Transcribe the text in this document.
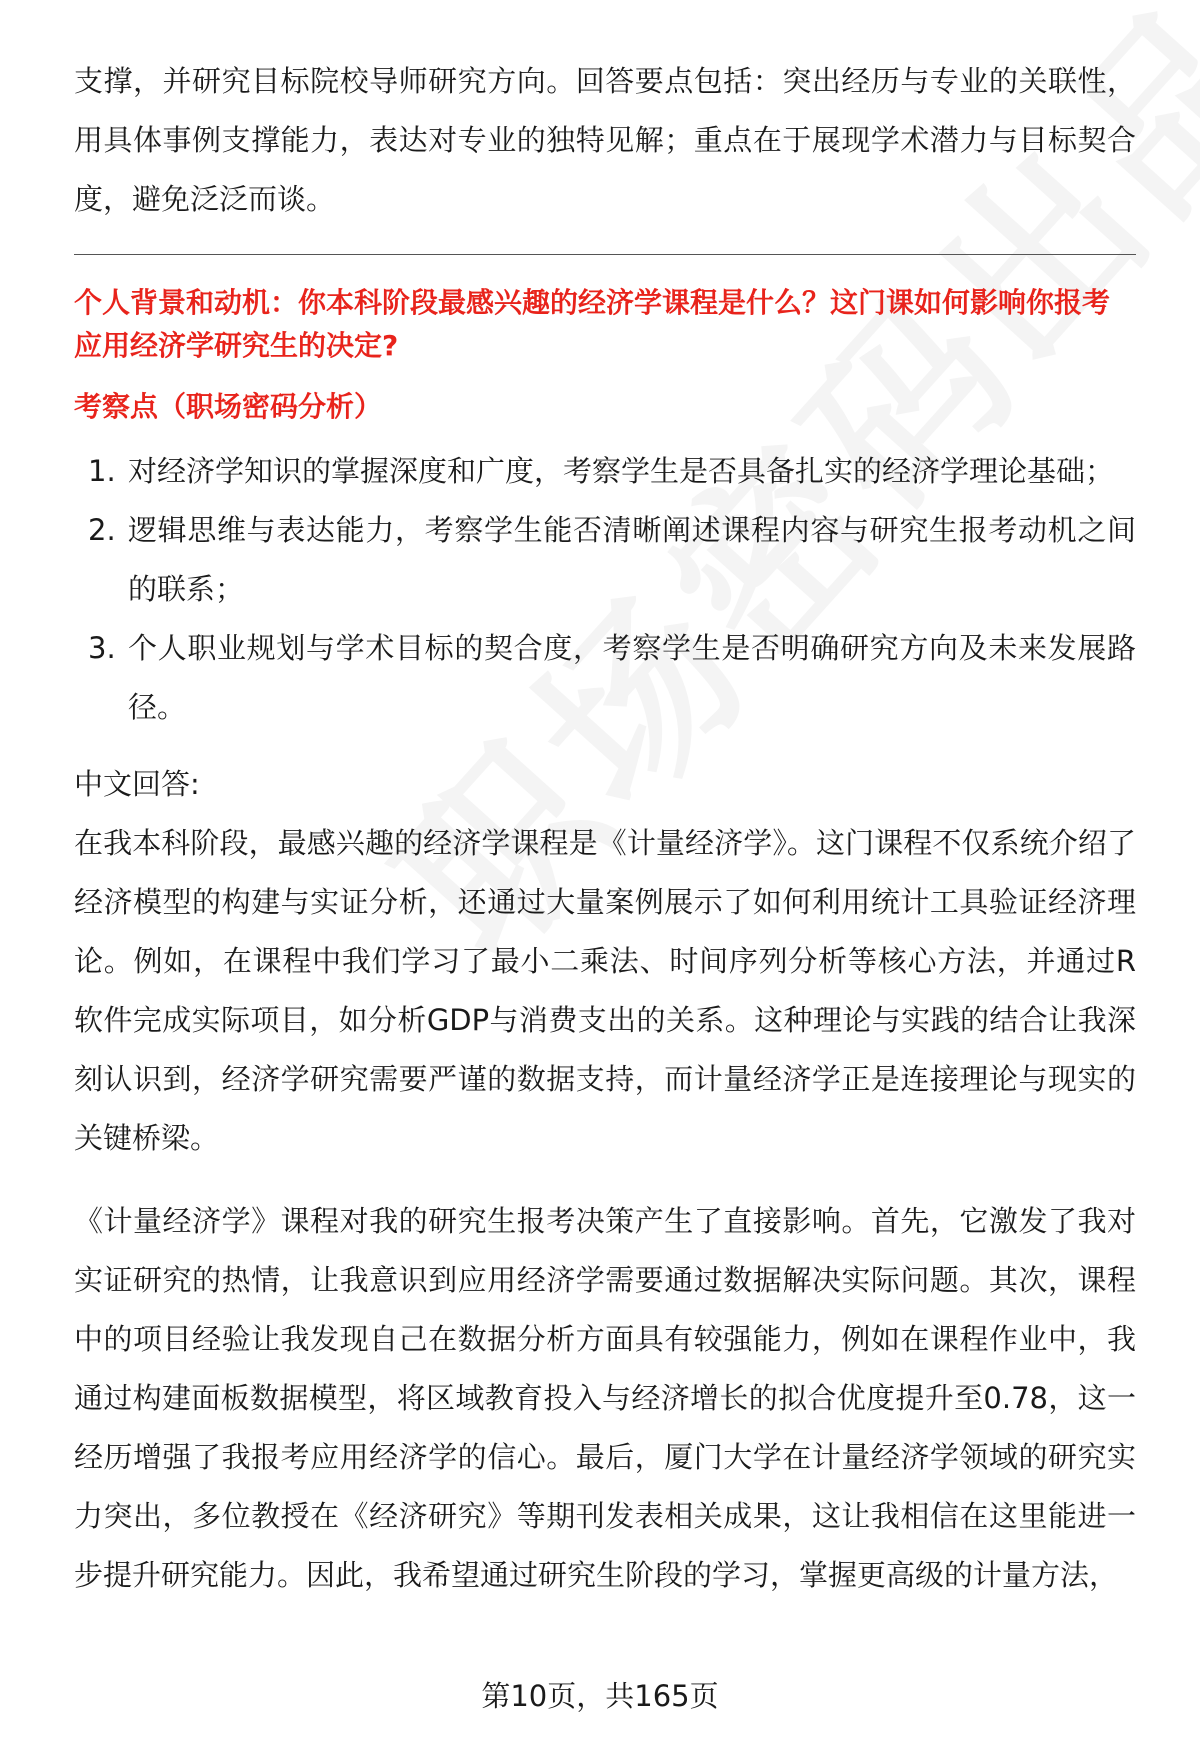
支撑，并研究目标院校导师研究方向。回答要点包括：突出经历与专业的关联性，用具体事例支撑能力，表达对专业的独特见解；重点在于展现学术潜力与目标契合度，避免泛泛而谈。

个人背景和动机：你本科阶段最感兴趣的经济学课程是什么？这门课如何影响你报考应用经济学研究生的决定?
考察点（职场密码分析）
1. 对经济学知识的掌握深度和广度，考察学生是否具备扎实的经济学理论基础；
2. 逻辑思维与表达能力，考察学生能否清晰阐述课程内容与研究生报考动机之间的联系；
3. 个人职业规划与学术目标的契合度，考察学生是否明确研究方向及未来发展路径。
中文回答:

在我本科阶段，最感兴趣的经济学课程是《计量经济学》。这门课程不仅系统介绍了经济模型的构建与实证分析，还通过大量案例展示了如何利用统计工具验证经济理论。例如，在课程中我们学习了最小二乘法、时间序列分析等核心方法，并通过R软件完成实际项目，如分析GDP与消费支出的关系。这种理论与实践的结合让我深刻认识到，经济学研究需要严谨的数据支持，而计量经济学正是连接理论与现实的关键桥梁。

《计量经济学》课程对我的研究生报考决策产生了直接影响。首先，它激发了我对实证研究的热情，让我意识到应用经济学需要通过数据解决实际问题。其次，课程中的项目经验让我发现自己在数据分析方面具有较强能力，例如在课程作业中，我通过构建面板数据模型，将区域教育投入与经济增长的拟合优度提升至0.78，这一经历增强了我报考应用经济学的信心。最后，厦门大学在计量经济学领域的研究实力突出，多位教授在《经济研究》等期刊发表相关成果，这让我相信在这里能进一步提升研究能力。因此，我希望通过研究生阶段的学习，掌握更高级的计量方法，

第10页，共165页
